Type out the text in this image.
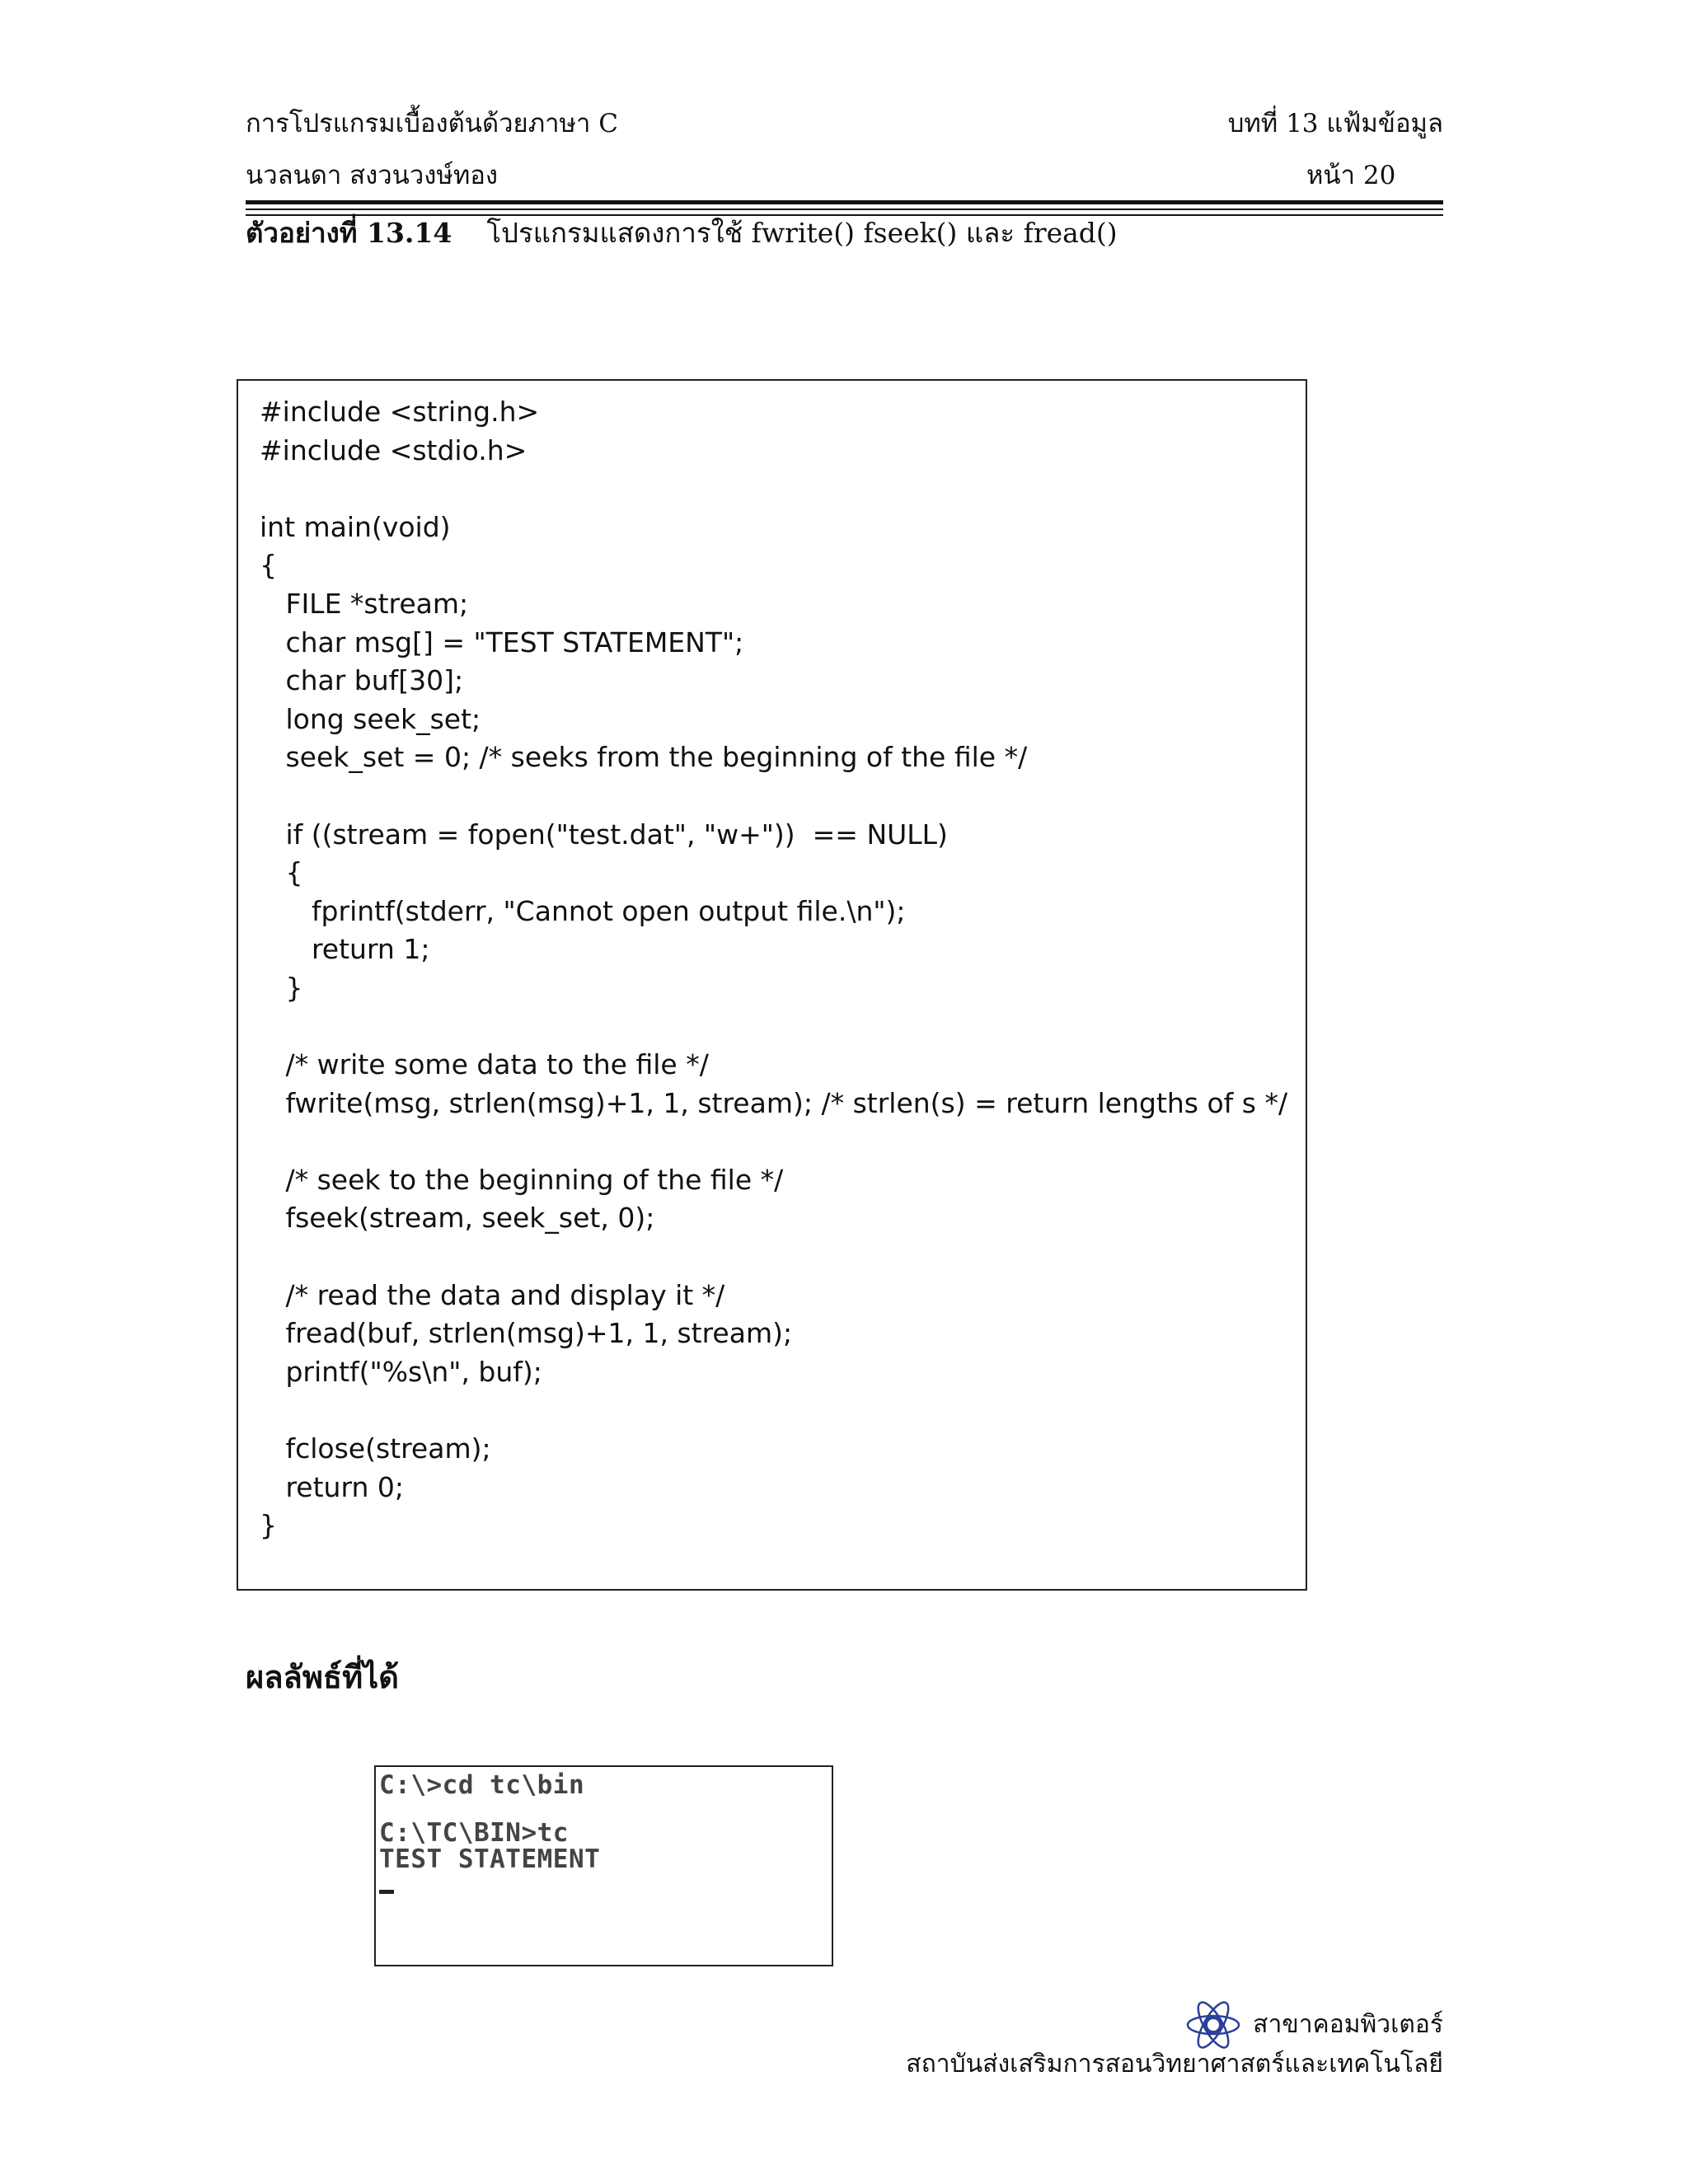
การโปรแกรมเบื้องต้นด้วยภาษา C	บทที่ 13 แฟ้มข้อมูล
นวลนดา สงวนวงษ์ทอง	หน้า 20
ตัวอย่างที่ 13.14 โปรแกรมแสดงการใช้ fwrite() fseek() และ fread()
#include <string.h>
#include <stdio.h>
int main(void)
{
FILE *stream;
char msg[] = "TEST STATEMENT";
char buf[30];
long seek_set;
seek_set = 0; /* seeks from the beginning of the file */
if ((stream = fopen("test.dat", "w+"))  == NULL)
{
fprintf(stderr, "Cannot open output file.\n");
return 1;
}
/* write some data to the file */
fwrite(msg, strlen(msg)+1, 1, stream); /* strlen(s) = return lengths of s */
/* seek to the beginning of the file */
fseek(stream, seek_set, 0);
/* read the data and display it */
fread(buf, strlen(msg)+1, 1, stream);
printf("%s\n", buf);
fclose(stream);
return 0;
}
ผลลัพธ์ที่ได้
C:\>cd tc\bin
C:\TC\BIN>tc
TEST STATEMENT
สาขาคอมพิวเตอร์
สถาบันส่งเสริมการสอนวิทยาศาสตร์และเทคโนโลยี
